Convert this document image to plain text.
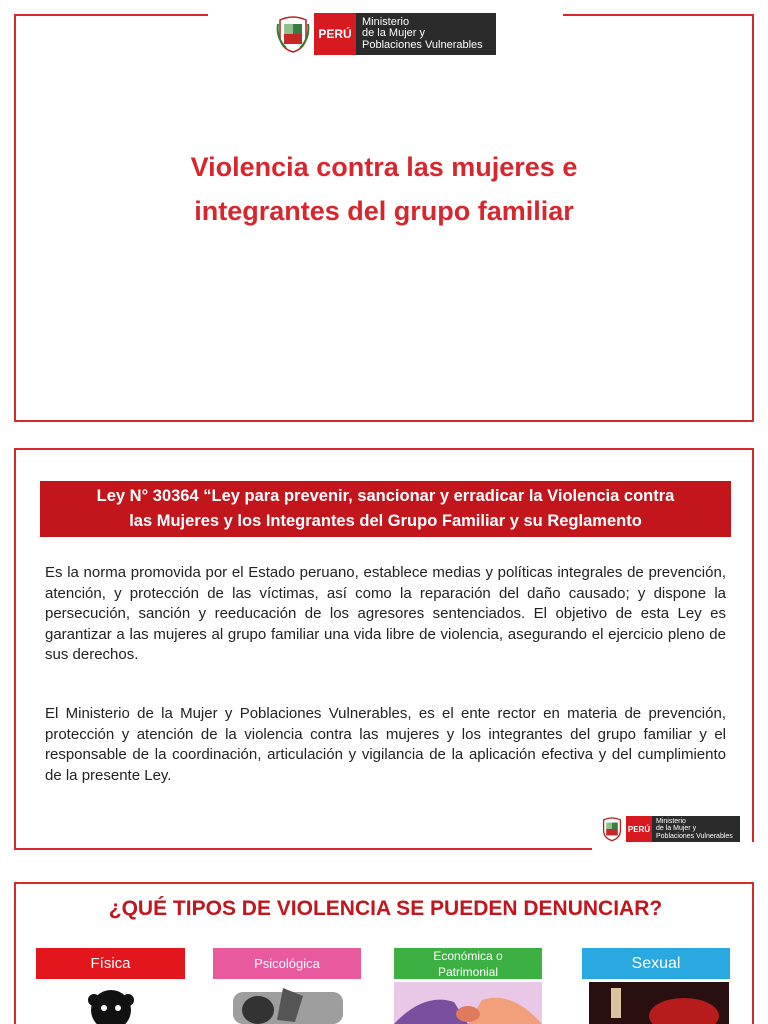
PERÚ
Ministerio
de la Mujer y
Poblaciones Vulnerables
Violencia contra las mujeres e
integrantes del grupo familiar
Ley N° 30364 “Ley para prevenir, sancionar y erradicar la Violencia contra
las Mujeres y los Integrantes del Grupo Familiar y su Reglamento

Es la norma promovida por el Estado peruano, establece medias y políticas integrales de prevención, atención, y protección de las víctimas, así como la reparación del daño causado; y dispone la persecución, sanción y reeducación de los agresores sentenciados. El objetivo de esta Ley es garantizar a las mujeres al grupo familiar una vida libre de violencia, asegurando el ejercicio pleno de sus derechos.

El Ministerio de la Mujer y Poblaciones Vulnerables, es el ente rector en materia de prevención, protección y atención de la violencia contra las mujeres y los integrantes del grupo familiar y el responsable de la coordinación, articulación y vigilancia de la aplicación efectiva y del cumplimiento de la presente Ley.

PERÚ
Ministerio
de la Mujer y
Poblaciones Vulnerables
¿QUÉ TIPOS DE VIOLENCIA SE PUEDEN DENUNCIAR?
Física	Psicológica	Económica o
Patrimonial
Sexual
